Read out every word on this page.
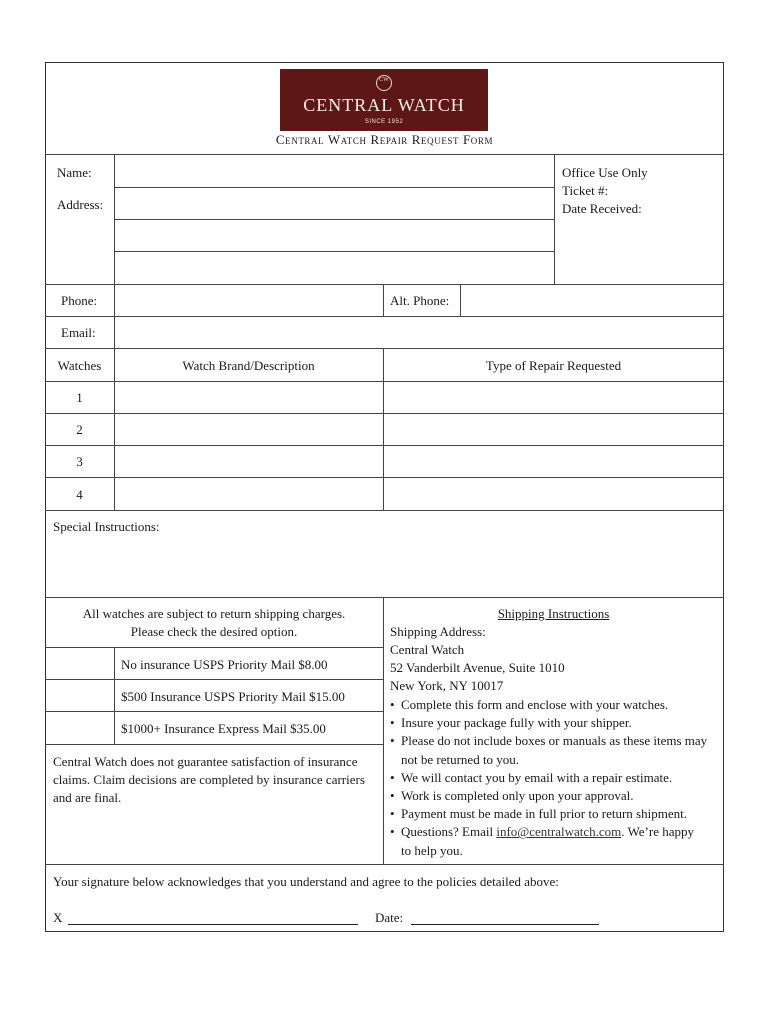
CW
CENTRAL WATCH
SINCE 1952
Central Watch Repair Request Form
Name:
Address:
Office Use Only
Ticket #:
Date Received:
Phone:	Alt. Phone:
Email:
Watches	Watch Brand/Description	Type of Repair Requested
1
2
3
4
Special Instructions:
All watches are subject to return shipping charges.
Please check the desired option.
No insurance USPS Priority Mail $8.00
$500 Insurance USPS Priority Mail $15.00
$1000+ Insurance Express Mail $35.00
Central Watch does not guarantee satisfaction of insurance
claims. Claim decisions are completed by insurance carriers
and are final.
Shipping Instructions
Shipping Address:
Central Watch
52 Vanderbilt Avenue, Suite 1010
New York, NY 10017
• Complete this form and enclose with your watches.
• Insure your package fully with your shipper.
• Please do not include boxes or manuals as these items may
not be returned to you.
• We will contact you by email with a repair estimate.
• Work is completed only upon your approval.
• Payment must be made in full prior to return shipment.
• Questions? Email info@centralwatch.com. We’re happy
to help you.
Your signature below acknowledges that you understand and agree to the policies detailed above:
X	Date:
